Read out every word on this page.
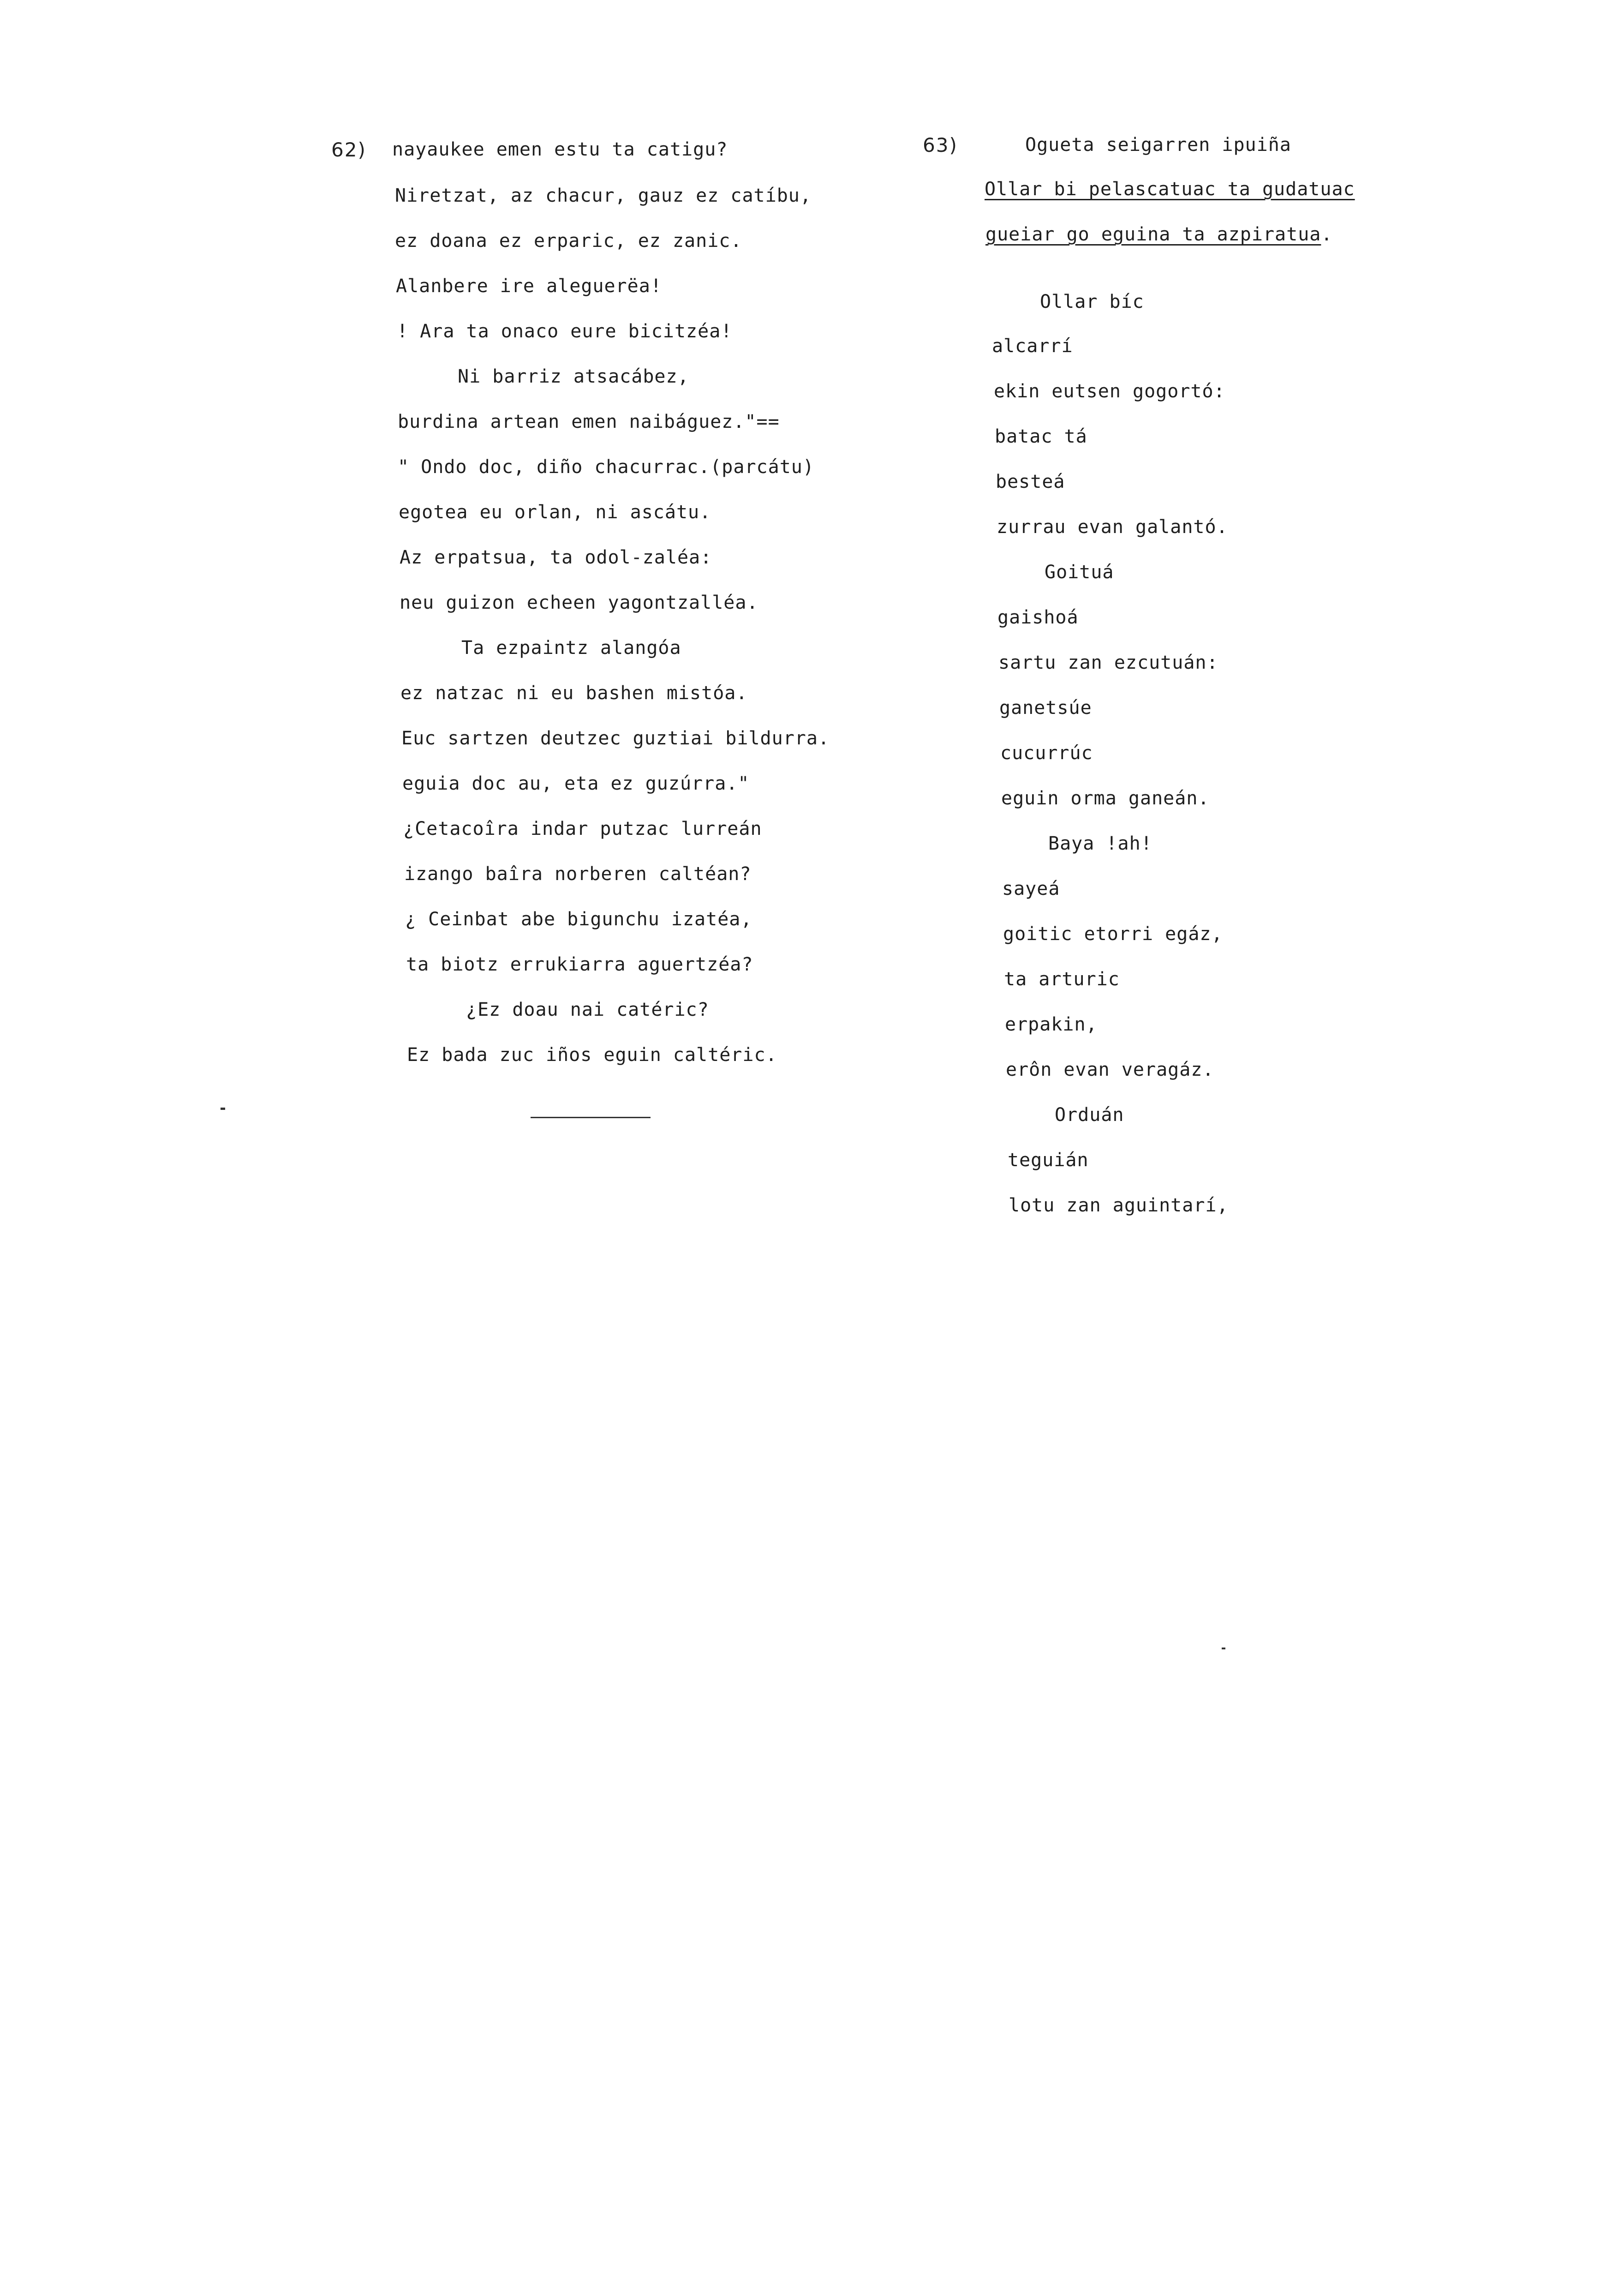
62) nayaukee emen estu ta catigu?
Niretzat, az chacur, gauz ez catíbu,
ez doana ez erparic, ez zanic.
Alanbere ire aleguerëa!
! Ara ta onaco eure bicitzéa!
Ni barriz atsacábez,
burdina artean emen naibáguez."==
" Ondo doc, diño chacurrac.(parcátu)
egotea eu orlan, ni ascátu.
Az erpatsua, ta odol-zaléa:
neu guizon echeen yagontzalléa.
Ta ezpaintz alangóa
ez natzac ni eu bashen mistóa.
Euc sartzen deutzec guztiai bildurra.
eguia doc au, eta ez guzúrra."
¿Cetacoîra indar putzac lurreán
izango baîra norberen caltéan?
¿ Ceinbat abe bigunchu izatéa,
ta biotz errukiarra aguertzéa?
¿Ez doau nai catéric?
Ez bada zuc iños eguin caltéric.
63)	Ogueta seigarren ipuiña
Ollar bi pelascatuac ta gudatuac
gueiar go eguina ta azpiratua.
Ollar bíc
alcarrí
ekin eutsen gogortó:
batac tá
besteá
zurrau evan galantó.
Goituá
gaishoá
sartu zan ezcutuán:
ganetsúe
cucurrúc
eguin orma ganeán.
Baya !ah!
sayeá
goitic etorri egáz,
ta arturic
erpakin,
erôn evan veragáz.
Orduán
teguián
lotu zan aguintarí,
